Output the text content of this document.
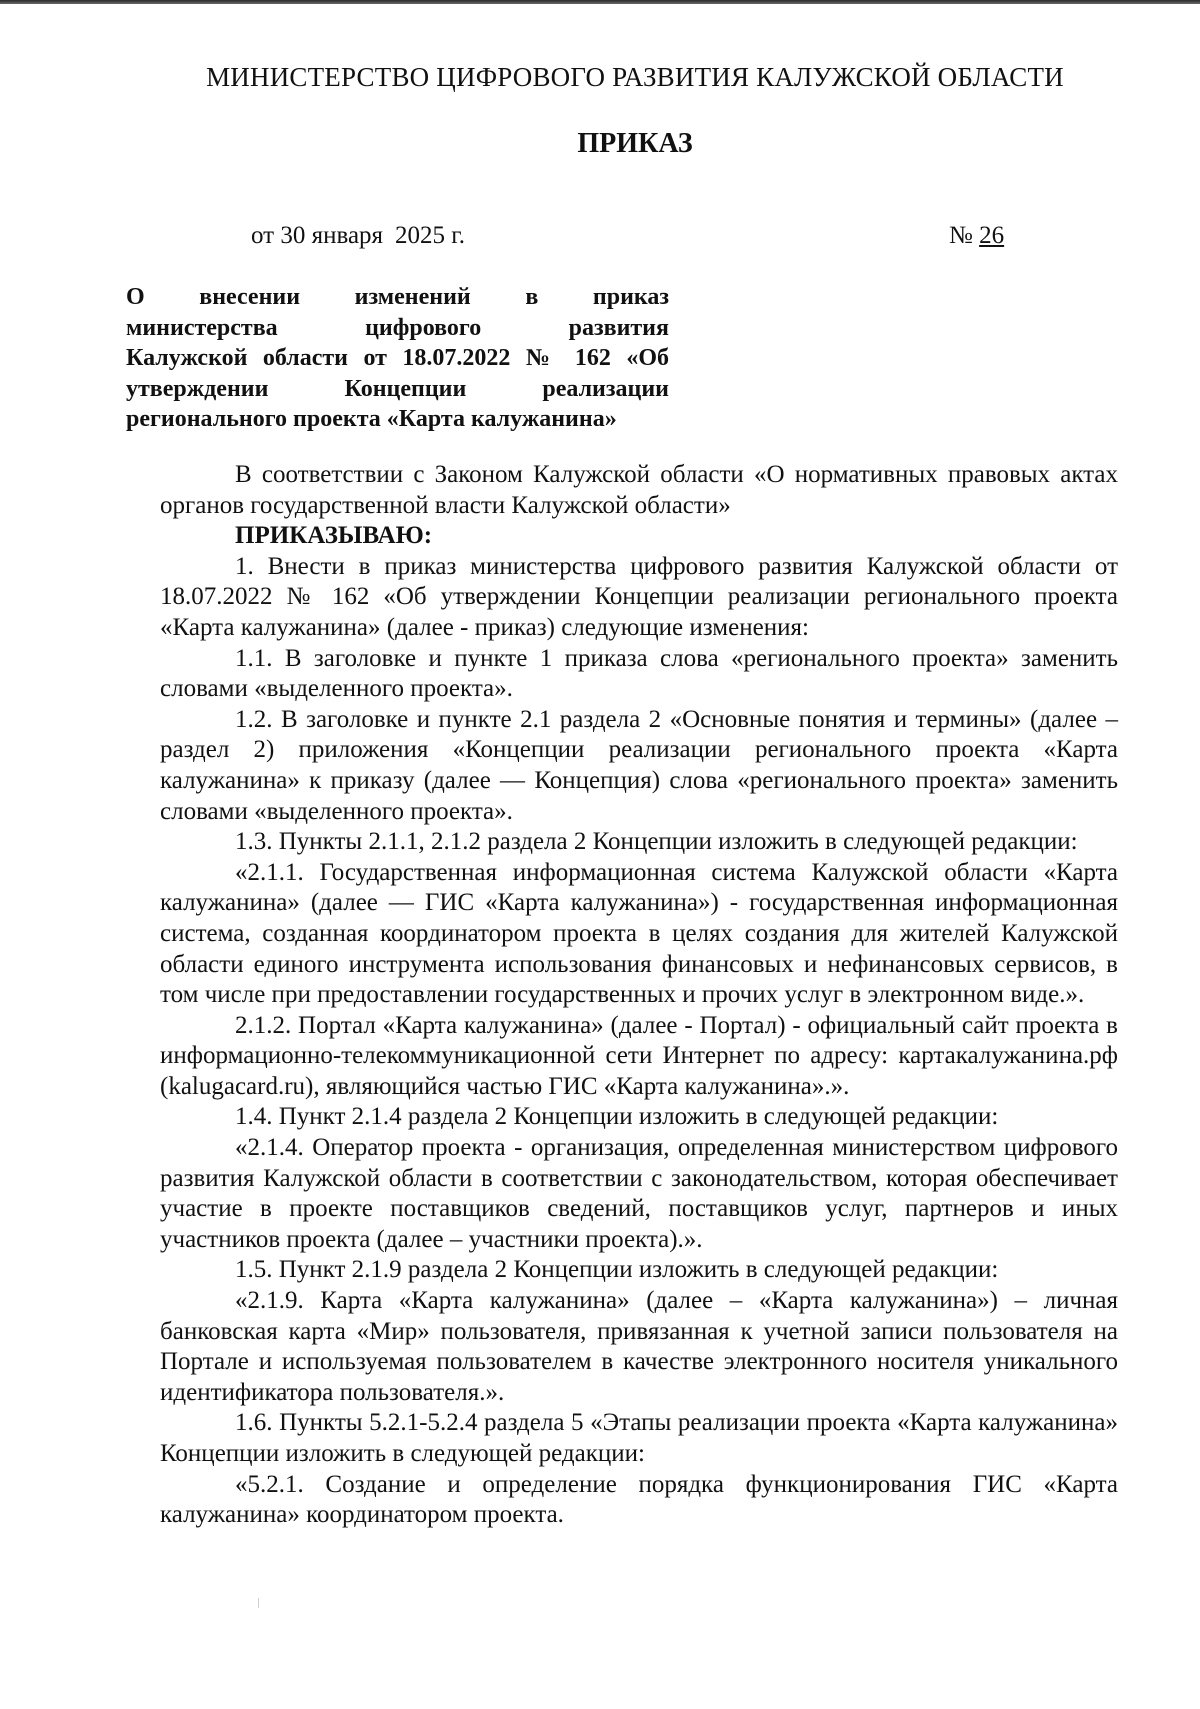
МИНИСТЕРСТВО ЦИФРОВОГО РАЗВИТИЯ КАЛУЖСКОЙ ОБЛАСТИ
ПРИКАЗ
от 30 января 2025 г.	№ 26
О внесении изменений в приказ
министерства цифрового развития
Калужской области от 18.07.2022 № 162 «Об
утверждении Концепции реализации
регионального проекта «Карта калужанина»

В соответствии с Законом Калужской области «О нормативных правовых актах органов государственной власти Калужской области»

ПРИКАЗЫВАЮ:

1. Внести в приказ министерства цифрового развития Калужской области от 18.07.2022 № 162 «Об утверждении Концепции реализации регионального проекта «Карта калужанина» (далее - приказ) следующие изменения:

1.1. В заголовке и пункте 1 приказа слова «регионального проекта» заменить словами «выделенного проекта».

1.2. В заголовке и пункте 2.1 раздела 2 «Основные понятия и термины» (далее – раздел 2) приложения «Концепции реализации регионального проекта «Карта калужанина» к приказу (далее — Концепция) слова «регионального проекта» заменить словами «выделенного проекта».

1.3. Пункты 2.1.1, 2.1.2 раздела 2 Концепции изложить в следующей редакции:

«2.1.1. Государственная информационная система Калужской области «Карта калужанина» (далее — ГИС «Карта калужанина») - государственная информационная система, созданная координатором проекта в целях создания для жителей Калужской области единого инструмента использования финансовых и нефинансовых сервисов, в том числе при предоставлении государственных и прочих услуг в электронном виде.».

2.1.2. Портал «Карта калужанина» (далее - Портал) - официальный сайт проекта в информационно-телекоммуникационной сети Интернет по адресу: картакалужанина.рф (kalugacard.ru), являющийся частью ГИС «Карта калужанина».».

1.4. Пункт 2.1.4 раздела 2 Концепции изложить в следующей редакции:

«2.1.4. Оператор проекта - организация, определенная министерством цифрового развития Калужской области в соответствии с законодательством, которая обеспечивает участие в проекте поставщиков сведений, поставщиков услуг, партнеров и иных участников проекта (далее – участники проекта).».

1.5. Пункт 2.1.9 раздела 2 Концепции изложить в следующей редакции:

«2.1.9. Карта «Карта калужанина» (далее – «Карта калужанина») – личная банковская карта «Мир» пользователя, привязанная к учетной записи пользователя на Портале и используемая пользователем в качестве электронного носителя уникального идентификатора пользователя.».

1.6. Пункты 5.2.1-5.2.4 раздела 5 «Этапы реализации проекта «Карта калужанина» Концепции изложить в следующей редакции:

«5.2.1. Создание и определение порядка функционирования ГИС «Карта калужанина» координатором проекта.
